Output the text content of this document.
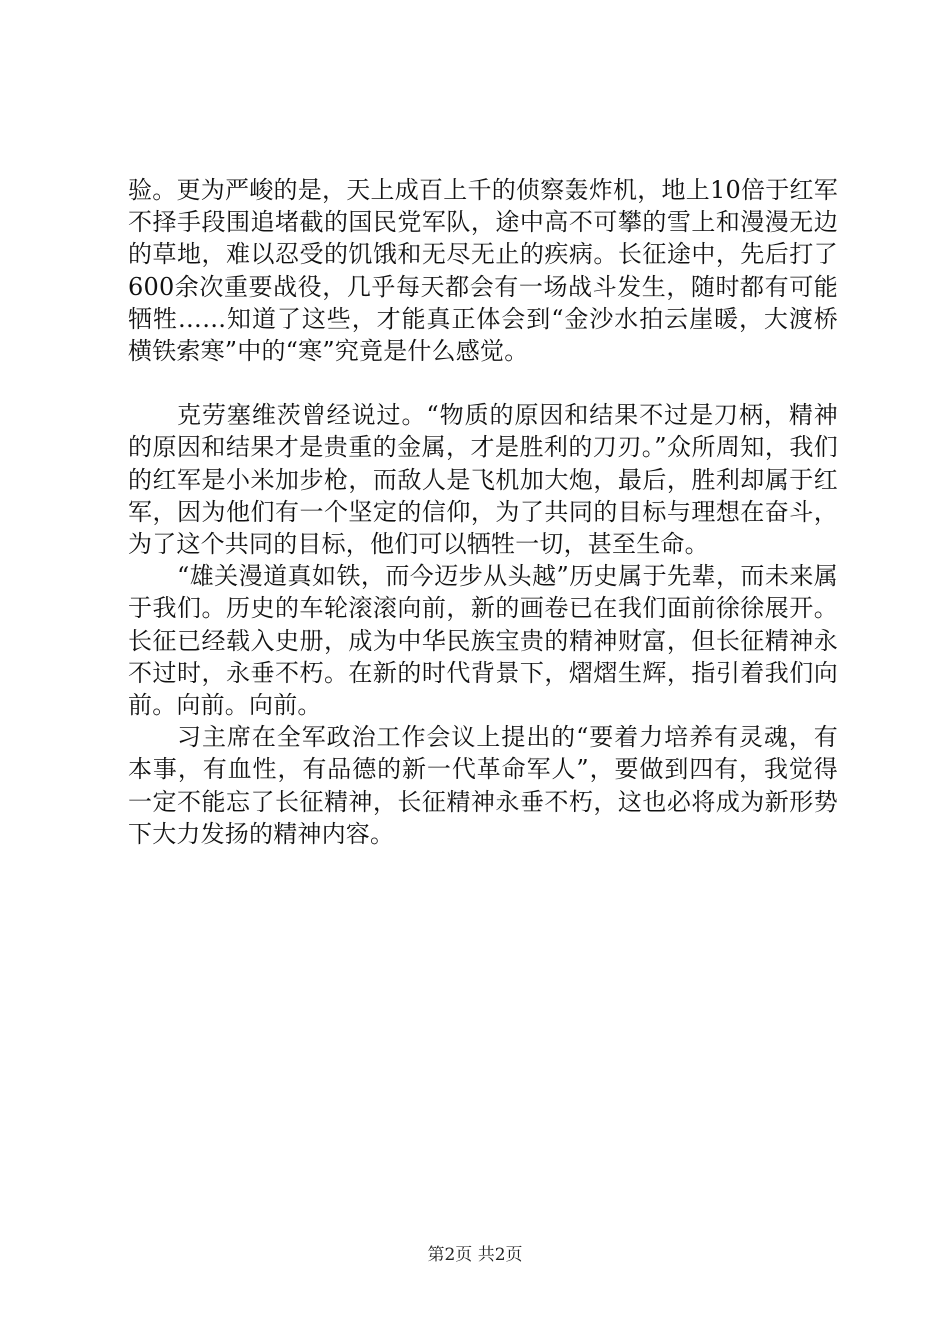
验。更为严峻的是，天上成百上千的侦察轰炸机，地上10倍于红军不择手段围追堵截的国民党军队，途中高不可攀的雪上和漫漫无边的草地，难以忍受的饥饿和无尽无止的疾病。长征途中，先后打了600余次重要战役，几乎每天都会有一场战斗发生，随时都有可能牺牲……知道了这些，才能真正体会到“金沙水拍云崖暖，大渡桥横铁索寒”中的“寒”究竟是什么感觉。

克劳塞维茨曾经说过。“物质的原因和结果不过是刀柄，精神的原因和结果才是贵重的金属，才是胜利的刀刃。”众所周知，我们的红军是小米加步枪，而敌人是飞机加大炮，最后，胜利却属于红军，因为他们有一个坚定的信仰，为了共同的目标与理想在奋斗，为了这个共同的目标，他们可以牺牲一切，甚至生命。

“雄关漫道真如铁，而今迈步从头越”历史属于先辈，而未来属于我们。历史的车轮滚滚向前，新的画卷已在我们面前徐徐展开。长征已经载入史册，成为中华民族宝贵的精神财富，但长征精神永不过时，永垂不朽。在新的时代背景下，熠熠生辉，指引着我们向前。向前。向前。

习主席在全军政治工作会议上提出的“要着力培养有灵魂，有本事，有血性，有品德的新一代革命军人”，要做到四有，我觉得一定不能忘了长征精神，长征精神永垂不朽，这也必将成为新形势下大力发扬的精神内容。

第2页 共2页
